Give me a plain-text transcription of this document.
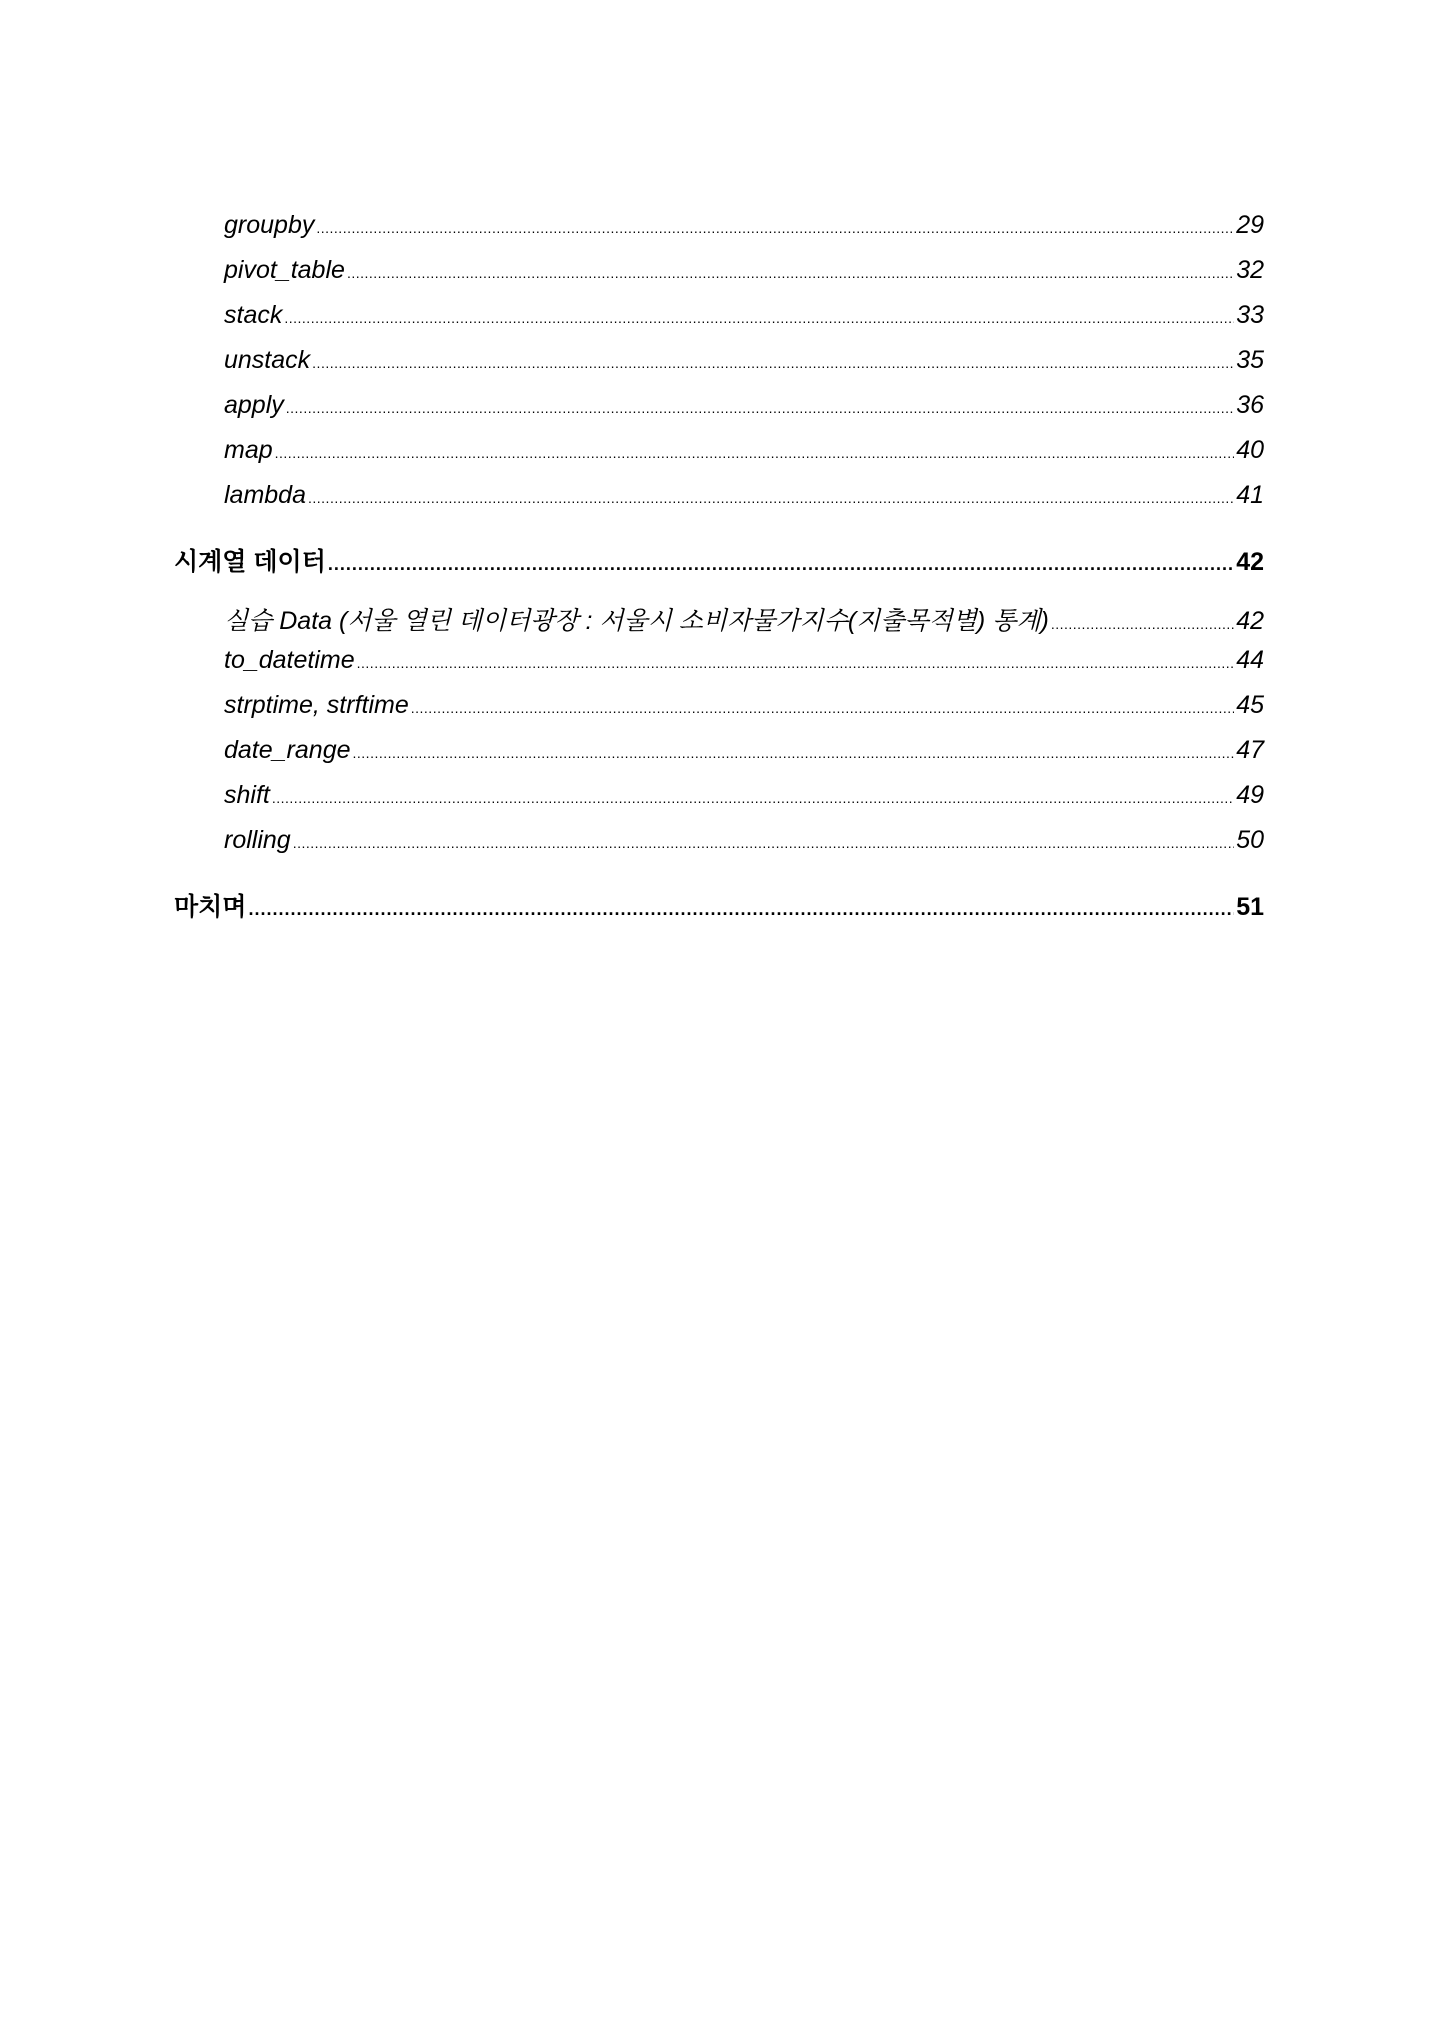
groupby .....	29
pivot_table .....	32
stack .....	33
unstack .....	35
apply .....	36
map .....	40
lambda .....	41
시계열 데이터 .....	42
실습 Data (서울 열린 데이터광장 : 서울시 소비자물가지수(지출목적별) 통계) .....	42
to_datetime .....	44
strptime, strftime .....	45
date_range .....	47
shift .....	49
rolling .....	50
마치며 .....	51
